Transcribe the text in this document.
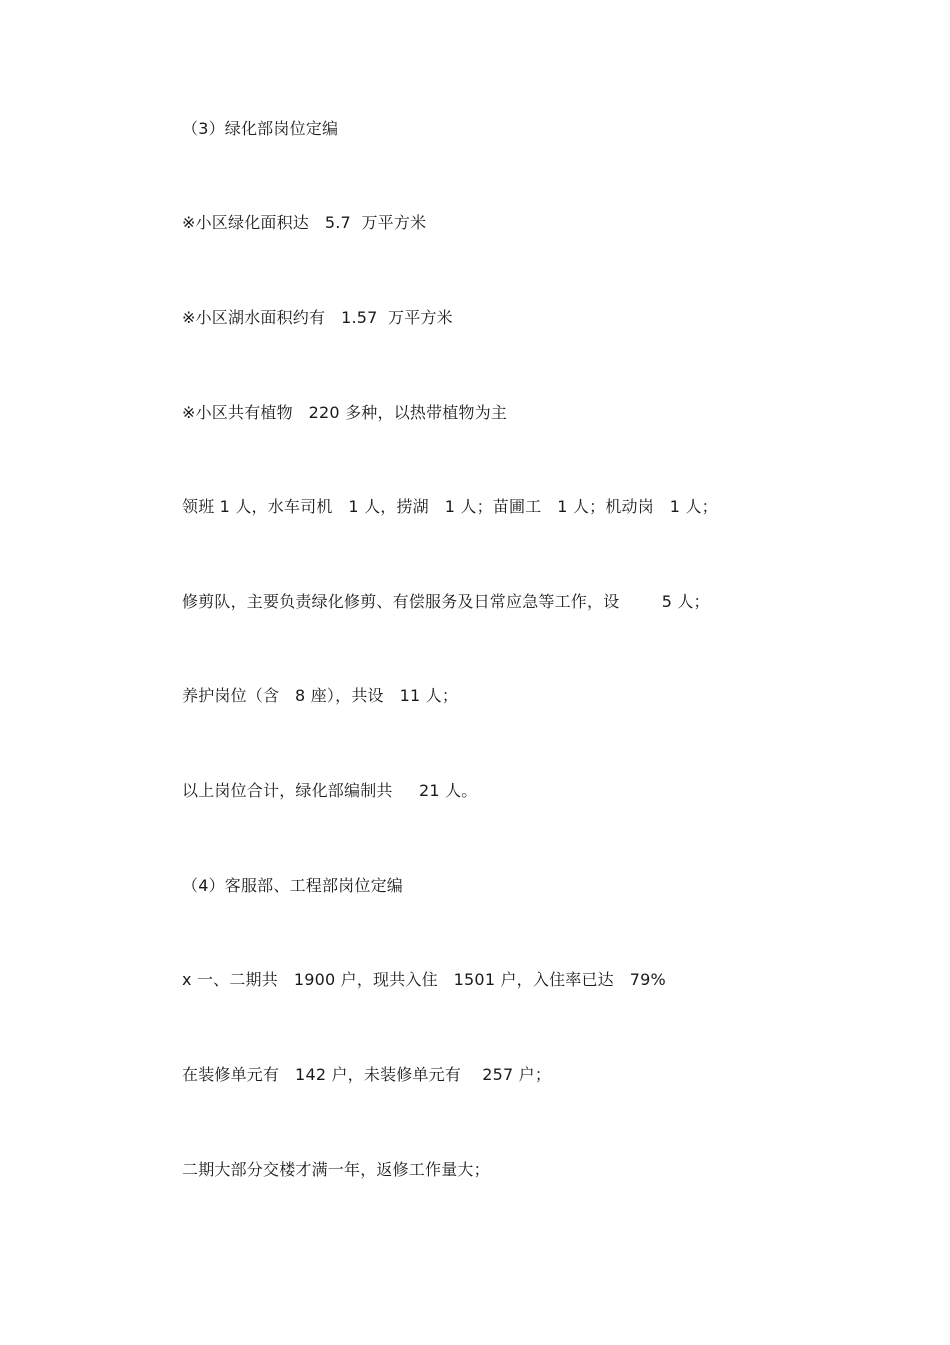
（3）绿化部岗位定编
※小区绿化面积达   5.7  万平方米
※小区湖水面积约有   1.57  万平方米
※小区共有植物   220 多种，以热带植物为主
领班 1 人，水车司机   1 人，捞湖   1 人；苗圃工   1 人；机动岗   1 人；
修剪队，主要负责绿化修剪、有偿服务及日常应急等工作，设        5 人；
养护岗位（含   8 座），共设   11 人；
以上岗位合计，绿化部编制共     21 人。
（4）客服部、工程部岗位定编
x 一、二期共   1900 户，现共入住   1501 户，入住率已达   79%
在装修单元有   142 户，未装修单元有    257 户；
二期大部分交楼才满一年，返修工作量大；
